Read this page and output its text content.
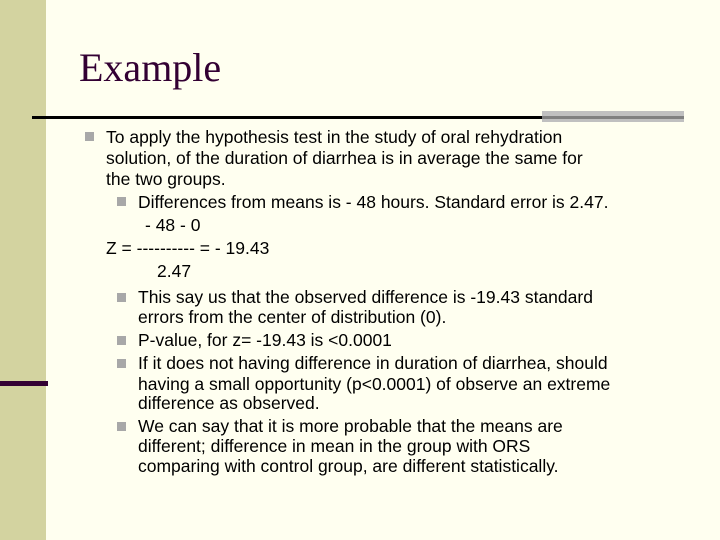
Example
To apply the hypothesis test in the study of oral rehydration
solution, of the duration of diarrhea is in average the same for
the two groups.
Differences from means is - 48 hours. Standard error is 2.47.
- 48 - 0
Z = ---------- = - 19.43
2.47
This say us that the observed difference is -19.43 standard
errors from the center of distribution (0).
P-value, for z= -19.43 is <0.0001
If it does not having difference in duration of diarrhea, should
having a small opportunity (p<0.0001) of observe an extreme
difference as observed.
We can say that it is more probable that the means are
different; difference in mean in the group with ORS
comparing with control group, are different statistically.
